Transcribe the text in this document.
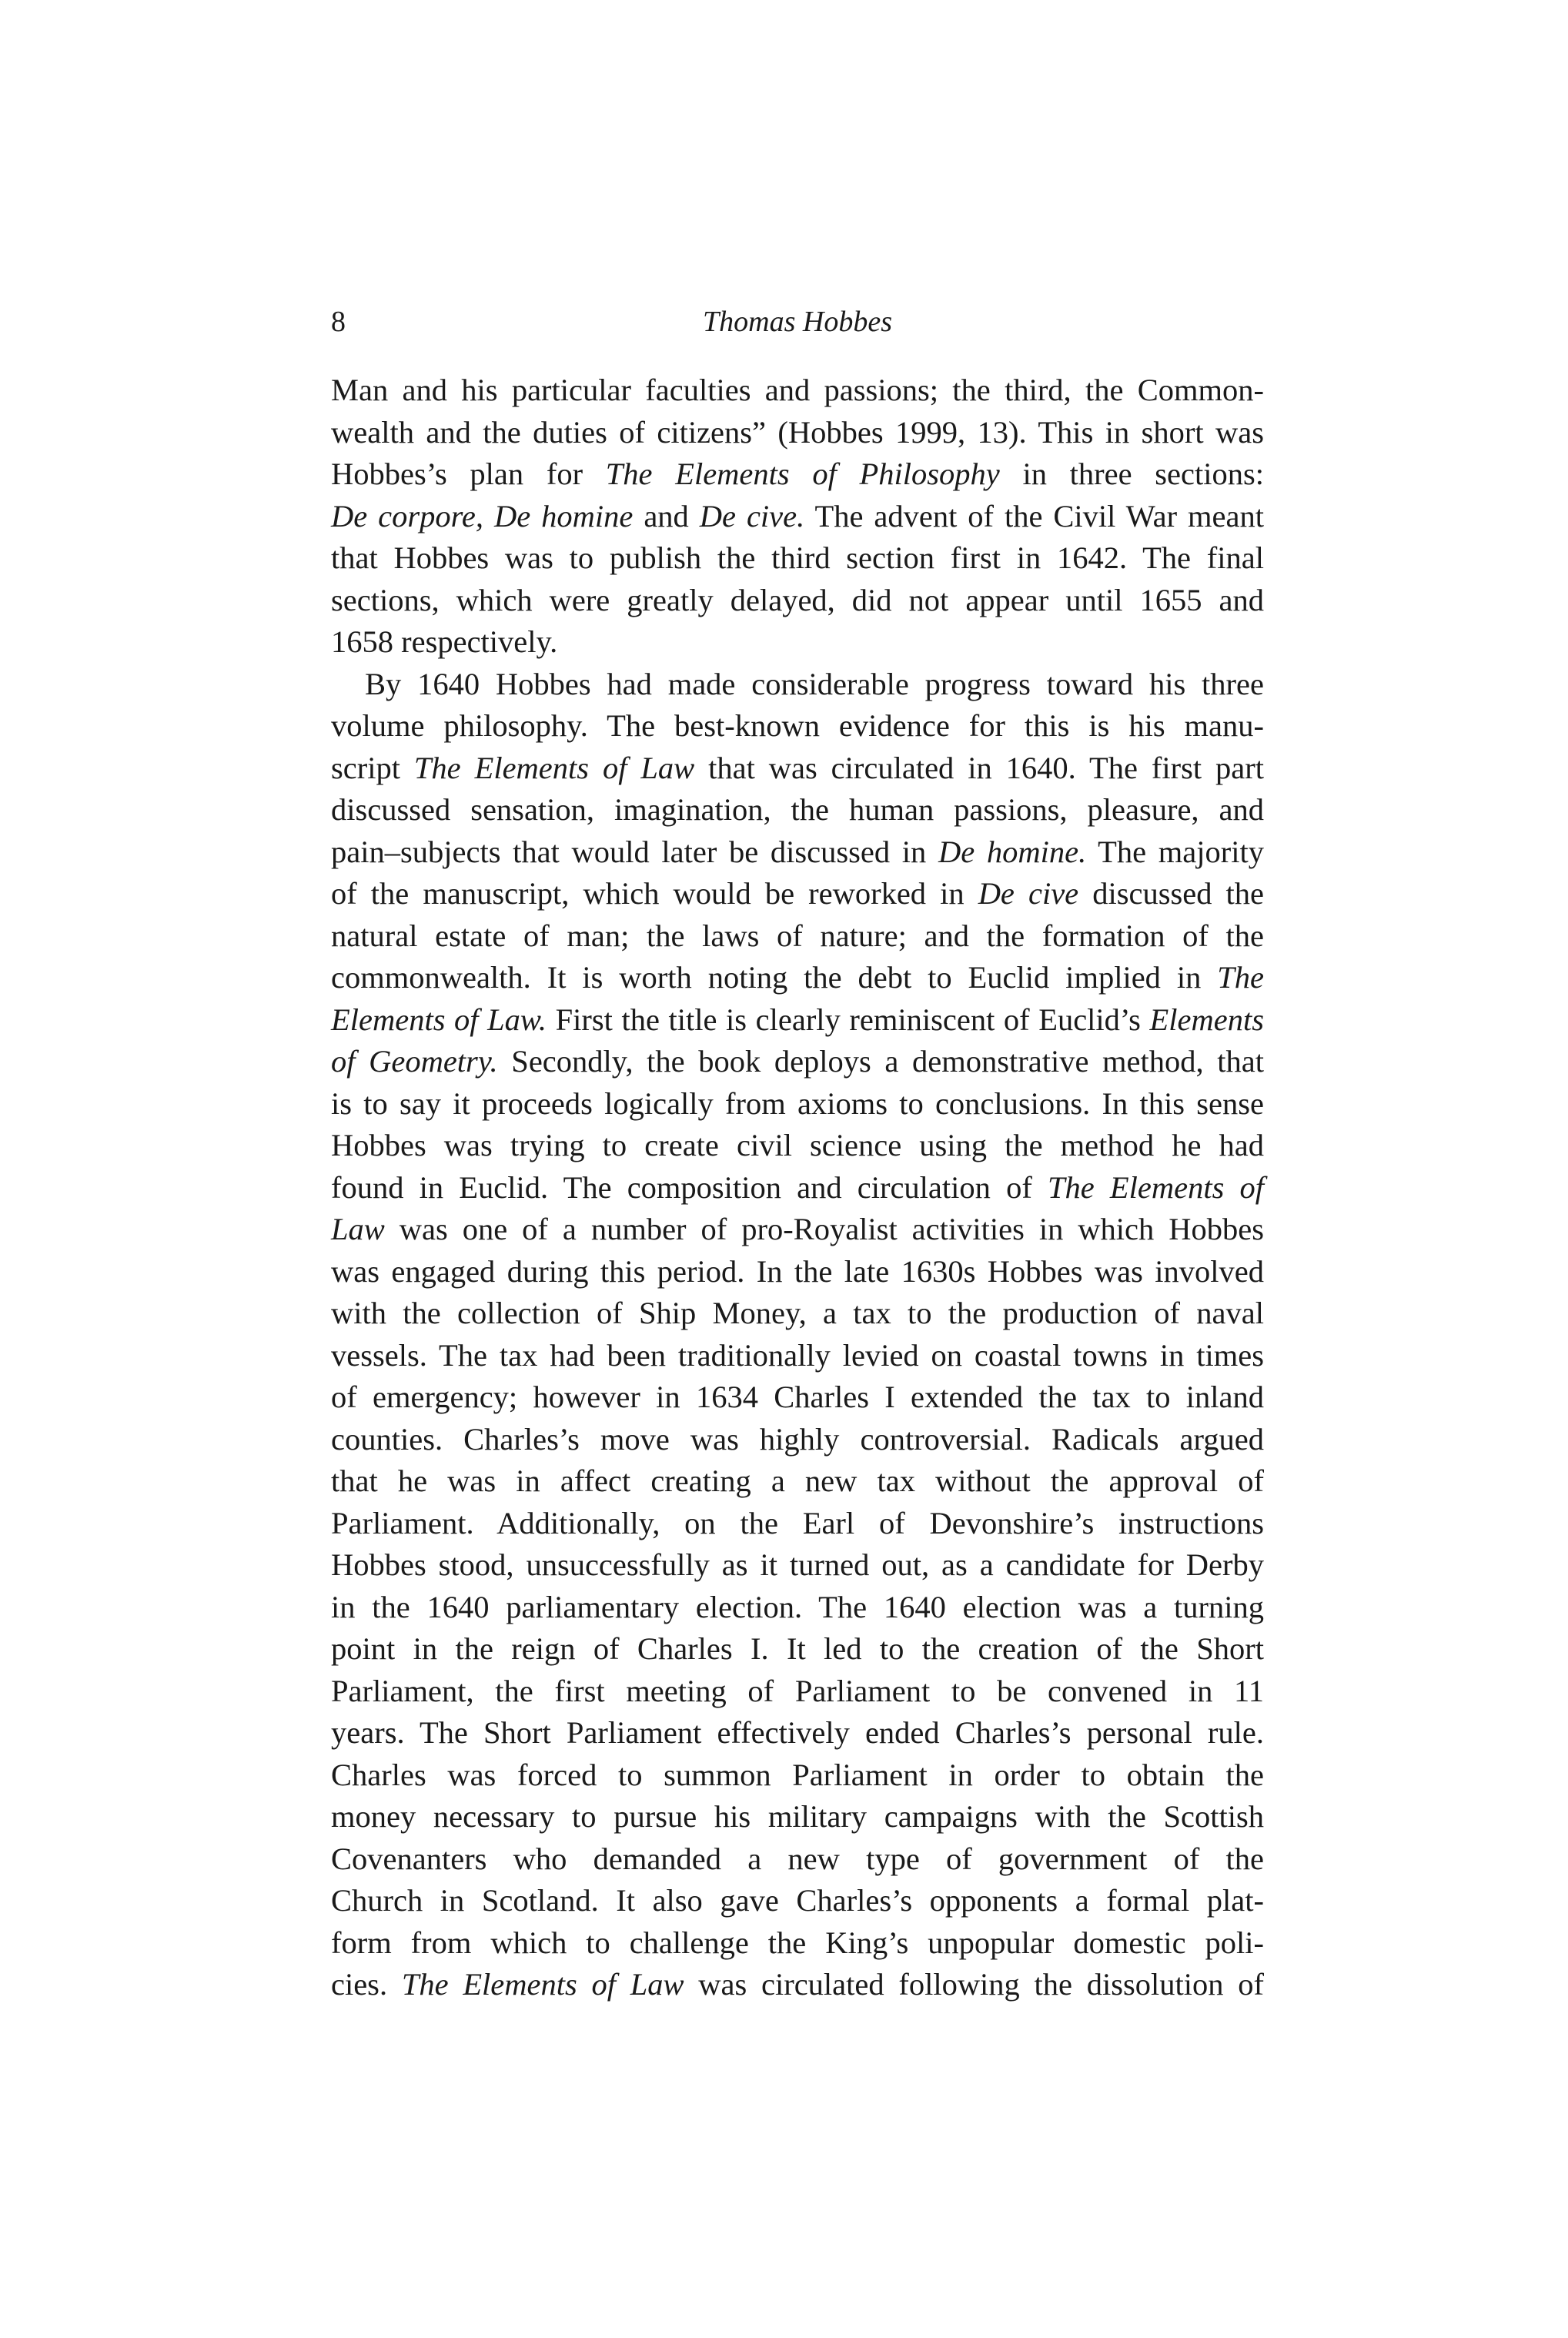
8	Thomas Hobbes
Man and his particular faculties and passions; the third, the Common-
wealth and the duties of citizens” (Hobbes 1999, 13). This in short was
Hobbes’s plan for The Elements of Philosophy in three sections:
De corpore, De homine and De cive. The advent of the Civil War meant
that Hobbes was to publish the third section first in 1642. The final
sections, which were greatly delayed, did not appear until 1655 and
1658 respectively.
By 1640 Hobbes had made considerable progress toward his three
volume philosophy. The best-known evidence for this is his manu-
script The Elements of Law that was circulated in 1640. The first part
discussed sensation, imagination, the human passions, pleasure, and
pain–subjects that would later be discussed in De homine. The majority
of the manuscript, which would be reworked in De cive discussed the
natural estate of man; the laws of nature; and the formation of the
commonwealth. It is worth noting the debt to Euclid implied in The
Elements of Law. First the title is clearly reminiscent of Euclid’s Elements
of Geometry. Secondly, the book deploys a demonstrative method, that
is to say it proceeds logically from axioms to conclusions. In this sense
Hobbes was trying to create civil science using the method he had
found in Euclid. The composition and circulation of The Elements of
Law was one of a number of pro-Royalist activities in which Hobbes
was engaged during this period. In the late 1630s Hobbes was involved
with the collection of Ship Money, a tax to the production of naval
vessels. The tax had been traditionally levied on coastal towns in times
of emergency; however in 1634 Charles I extended the tax to inland
counties. Charles’s move was highly controversial. Radicals argued
that he was in affect creating a new tax without the approval of
Parliament. Additionally, on the Earl of Devonshire’s instructions
Hobbes stood, unsuccessfully as it turned out, as a candidate for Derby
in the 1640 parliamentary election. The 1640 election was a turning
point in the reign of Charles I. It led to the creation of the Short
Parliament, the first meeting of Parliament to be convened in 11
years. The Short Parliament effectively ended Charles’s personal rule.
Charles was forced to summon Parliament in order to obtain the
money necessary to pursue his military campaigns with the Scottish
Covenanters who demanded a new type of government of the
Church in Scotland. It also gave Charles’s opponents a formal plat-
form from which to challenge the King’s unpopular domestic poli-
cies. The Elements of Law was circulated following the dissolution of
